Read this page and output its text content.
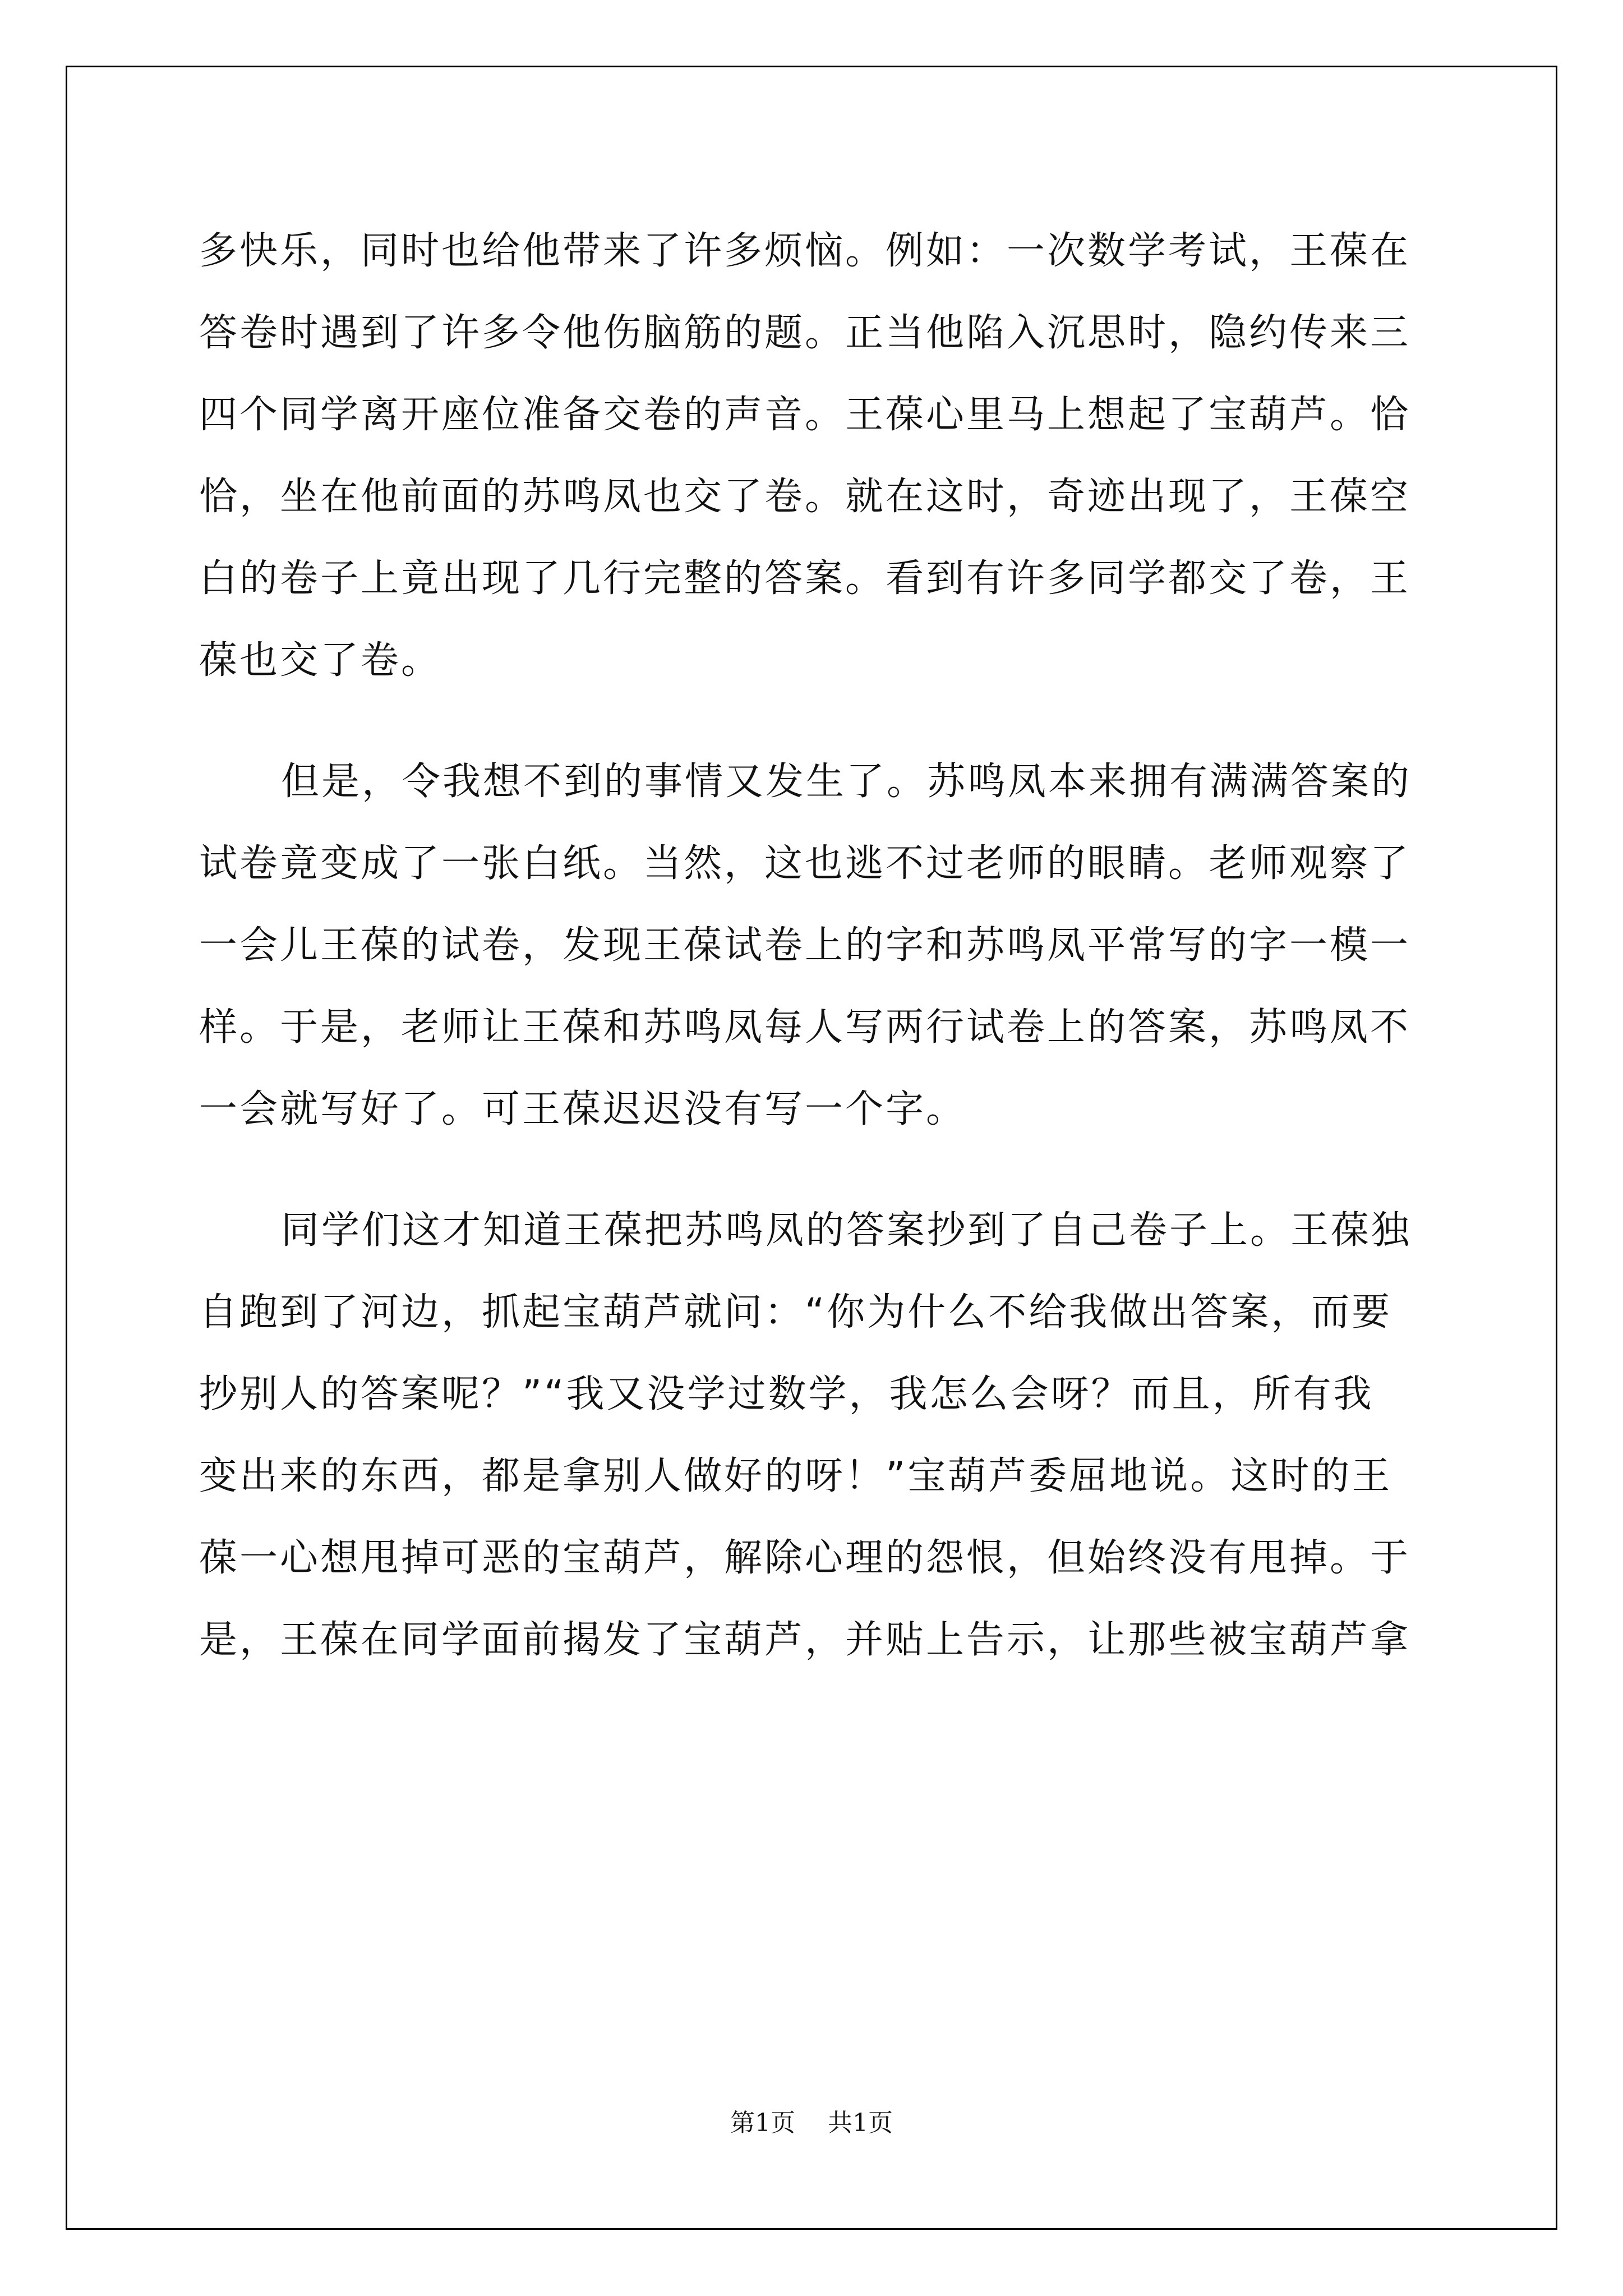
多快乐，同时也给他带来了许多烦恼。例如：一次数学考试，王葆在
答卷时遇到了许多令他伤脑筋的题。正当他陷入沉思时，隐约传来三
四个同学离开座位准备交卷的声音。王葆心里马上想起了宝葫芦。恰
恰，坐在他前面的苏鸣凤也交了卷。就在这时，奇迹出现了，王葆空
白的卷子上竟出现了几行完整的答案。看到有许多同学都交了卷，王
葆也交了卷。
但是，令我想不到的事情又发生了。苏鸣凤本来拥有满满答案的
试卷竟变成了一张白纸。当然，这也逃不过老师的眼睛。老师观察了
一会儿王葆的试卷，发现王葆试卷上的字和苏鸣凤平常写的字一模一
样。于是，老师让王葆和苏鸣凤每人写两行试卷上的答案，苏鸣凤不
一会就写好了。可王葆迟迟没有写一个字。
同学们这才知道王葆把苏鸣凤的答案抄到了自己卷子上。王葆独
自跑到了河边，抓起宝葫芦就问：“你为什么不给我做出答案，而要
抄别人的答案呢？”“我又没学过数学，我怎么会呀？而且，所有我
变出来的东西，都是拿别人做好的呀！”宝葫芦委屈地说。这时的王
葆一心想甩掉可恶的宝葫芦，解除心理的怨恨，但始终没有甩掉。于
是，王葆在同学面前揭发了宝葫芦，并贴上告示，让那些被宝葫芦拿
第1页 共1页
